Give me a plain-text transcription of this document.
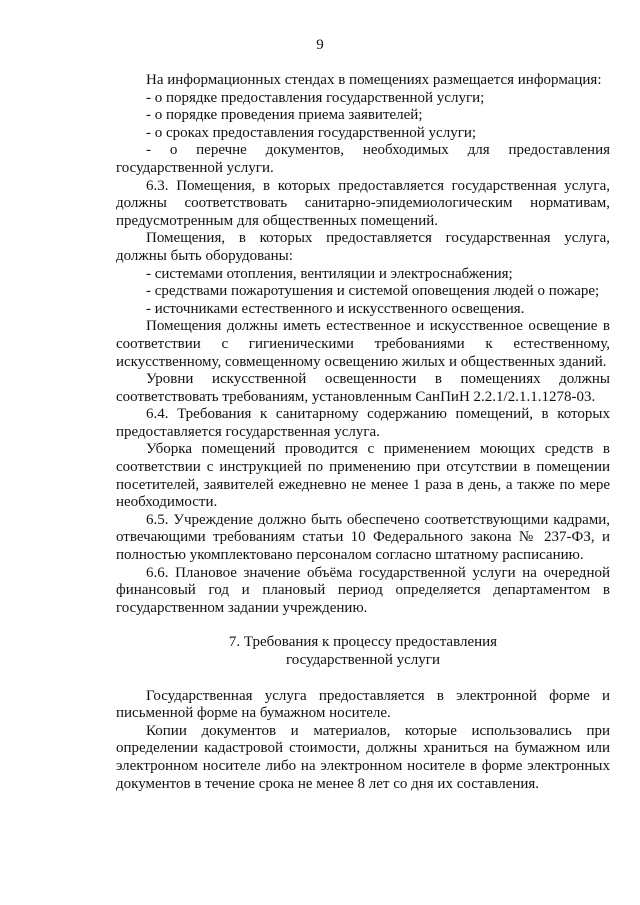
9

На информационных стендах в помещениях размещается информация:

- о порядке предоставления государственной услуги;

- о порядке проведения приема заявителей;

- о сроках предоставления государственной услуги;

- о перечне документов, необходимых для предоставления государственной услуги.

6.3. Помещения, в которых предоставляется государственная услуга, должны соответствовать санитарно-эпидемиологическим нормативам, предусмотренным для общественных помещений.

Помещения, в которых предоставляется государственная услуга, должны быть оборудованы:

- системами отопления, вентиляции и электроснабжения;

- средствами пожаротушения и системой оповещения людей о пожаре;

- источниками естественного и искусственного освещения.

Помещения должны иметь естественное и искусственное освещение в соответствии с гигиеническими требованиями к естественному, искусственному, совмещенному освещению жилых и общественных зданий.

Уровни искусственной освещенности в помещениях должны соответствовать требованиям, установленным СанПиН 2.2.1/2.1.1.1278-03.

6.4. Требования к санитарному содержанию помещений, в которых предоставляется государственная услуга.

Уборка помещений проводится с применением моющих средств в соответствии с инструкцией по применению при отсутствии в помещении посетителей, заявителей ежедневно не менее 1 раза в день, а также по мере необходимости.

6.5. Учреждение должно быть обеспечено соответствующими кадрами, отвечающими требованиям статьи 10 Федерального закона № 237-ФЗ, и полностью укомплектовано персоналом согласно штатному расписанию.

6.6. Плановое значение объёма государственной услуги на очередной финансовый год и плановый период определяется департаментом в государственном задании учреждению.

7. Требования к процессу предоставления
государственной услуги

Государственная услуга предоставляется в электронной форме и письменной форме на бумажном носителе.

Копии документов и материалов, которые использовались при определении кадастровой стоимости, должны храниться на бумажном или электронном носителе либо на электронном носителе в форме электронных документов в течение срока не менее 8 лет со дня их составления.
